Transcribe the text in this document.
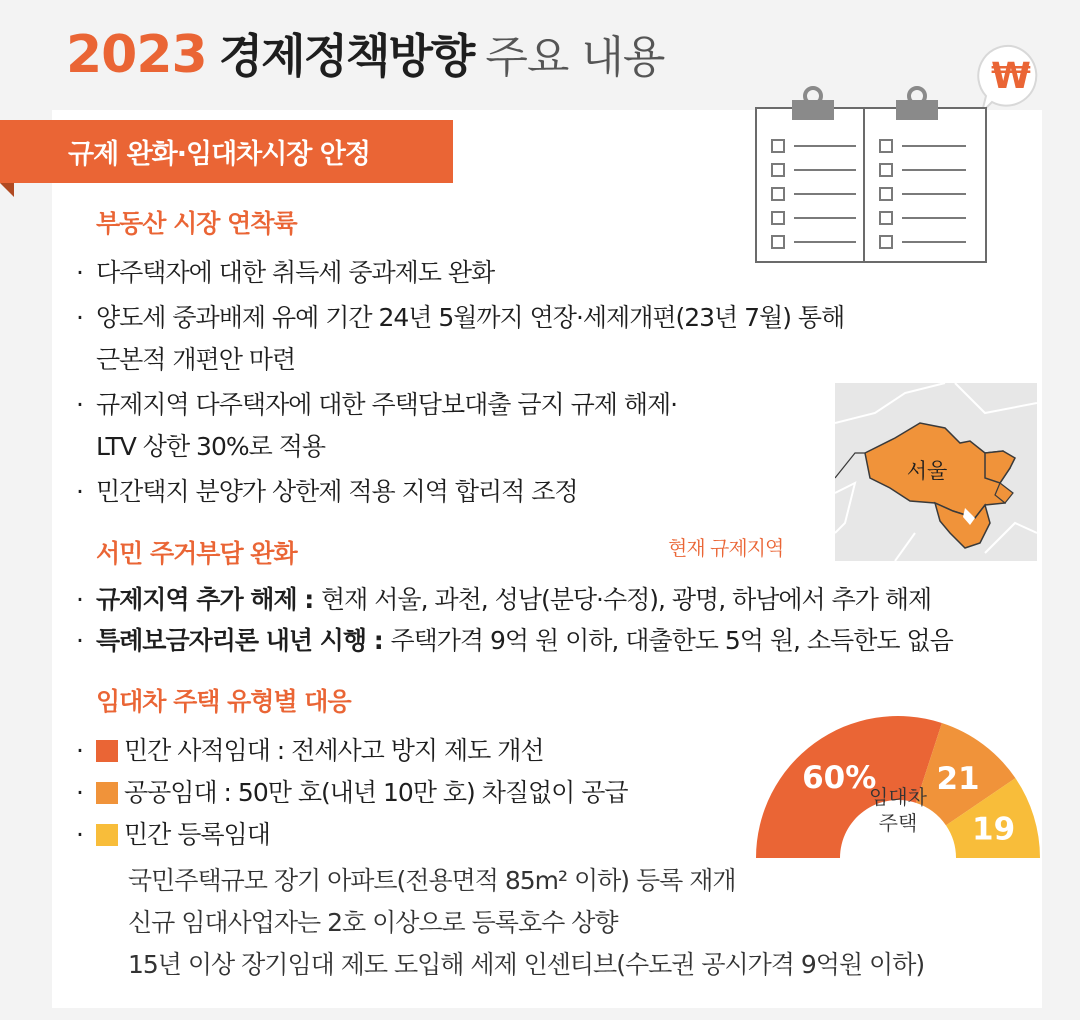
2023 경제정책방향 주요 내용	₩
규제 완화·임대차시장 안정
부동산 시장 연착륙
· 다주택자에 대한 취득세 중과제도 완화
· 양도세 중과배제 유예 기간 24년 5월까지 연장·세제개편(23년 7월) 통해
근본적 개편안 마련
· 규제지역 다주택자에 대한 주택담보대출 금지 규제 해제·
LTV 상한 30%로 적용
· 민간택지 분양가 상한제 적용 지역 합리적 조정
서울
현재 규제지역
서민 주거부담 완화
· 규제지역 추가 해제 : 현재 서울, 과천, 성남(분당·수정), 광명, 하남에서 추가 해제
· 특례보금자리론 내년 시행 : 주택가격 9억 원 이하, 대출한도 5억 원, 소득한도 없음
임대차 주택 유형별 대응
· 민간 사적임대 : 전세사고 방지 제도 개선
· 공공임대 : 50만 호(내년 10만 호) 차질없이 공급
· 민간 등록임대
국민주택규모 장기 아파트(전용면적 85m² 이하) 등록 재개
신규 임대사업자는 2호 이상으로 등록호수 상향
15년 이상 장기임대 제도 도입해 세제 인센티브(수도권 공시가격 9억원 이하)
60% 21
19
임대차
주택
